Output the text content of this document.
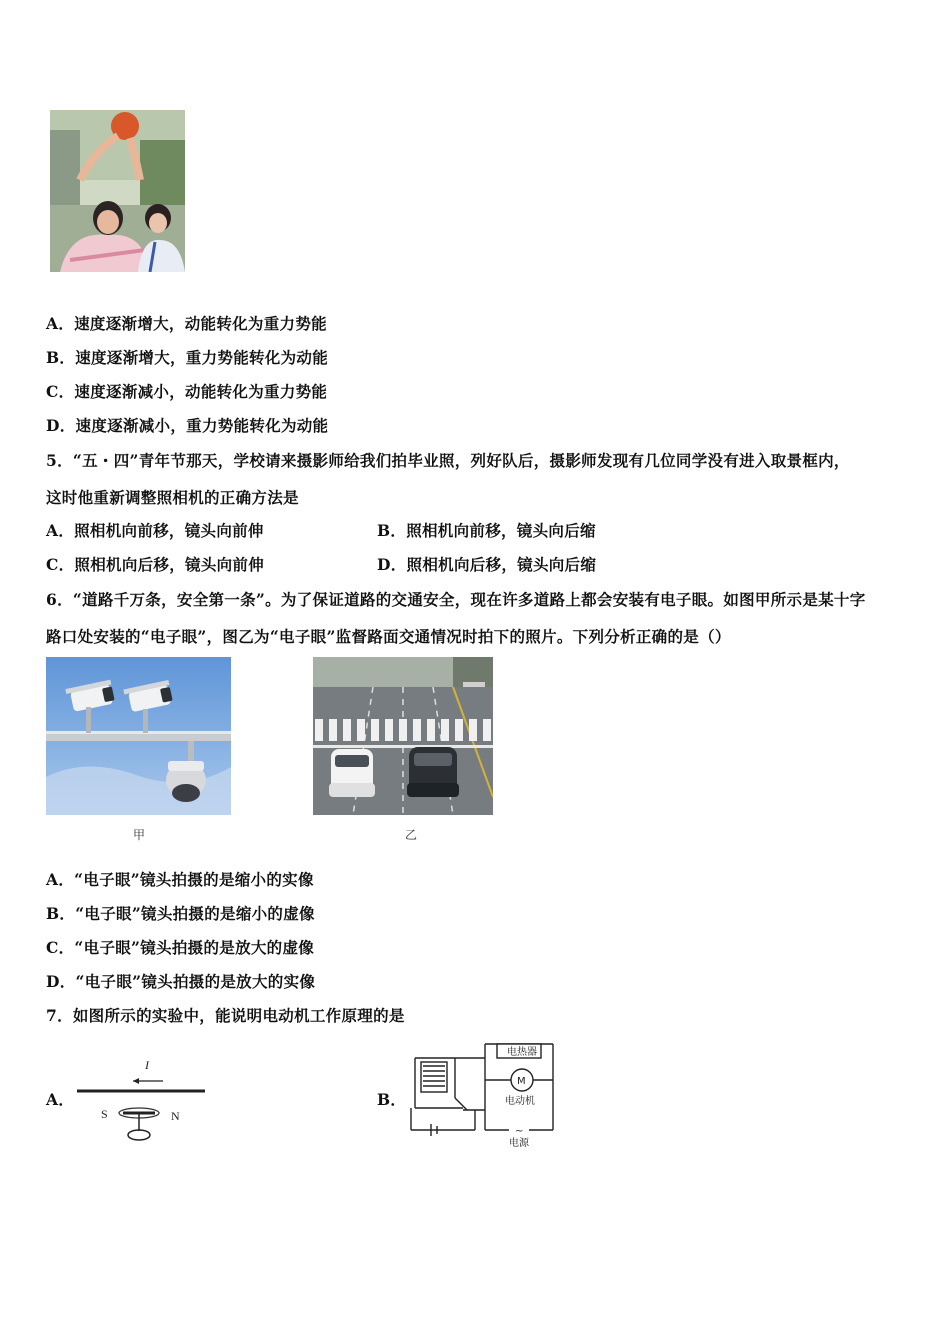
A．速度逐渐增大，动能转化为重力势能
B．速度逐渐增大，重力势能转化为动能
C．速度逐渐减小，动能转化为重力势能
D．速度逐渐减小，重力势能转化为动能
5．“五・四”青年节那天，学校请来摄影师给我们拍毕业照，列好队后，摄影师发现有几位同学没有进入取景框内，
这时他重新调整照相机的正确方法是
A．照相机向前移，镜头向前伸	B．照相机向前移，镜头向后缩
C．照相机向后移，镜头向前伸	D．照相机向后移，镜头向后缩
6．“道路千万条，安全第一条”。为了保证道路的交通安全，现在许多道路上都会安装有电子眼。如图甲所示是某十字
路口处安装的“电子眼”，图乙为“电子眼”监督路面交通情况时拍下的照片。下列分析正确的是（）
甲	乙
A．“电子眼”镜头拍摄的是缩小的实像
B．“电子眼”镜头拍摄的是缩小的虚像
C．“电子眼”镜头拍摄的是放大的虚像
D．“电子眼”镜头拍摄的是放大的实像
7．如图所示的实验中，能说明电动机工作原理的是
A．
I
S	N
B．
电热器
M
电动机
~
电源
